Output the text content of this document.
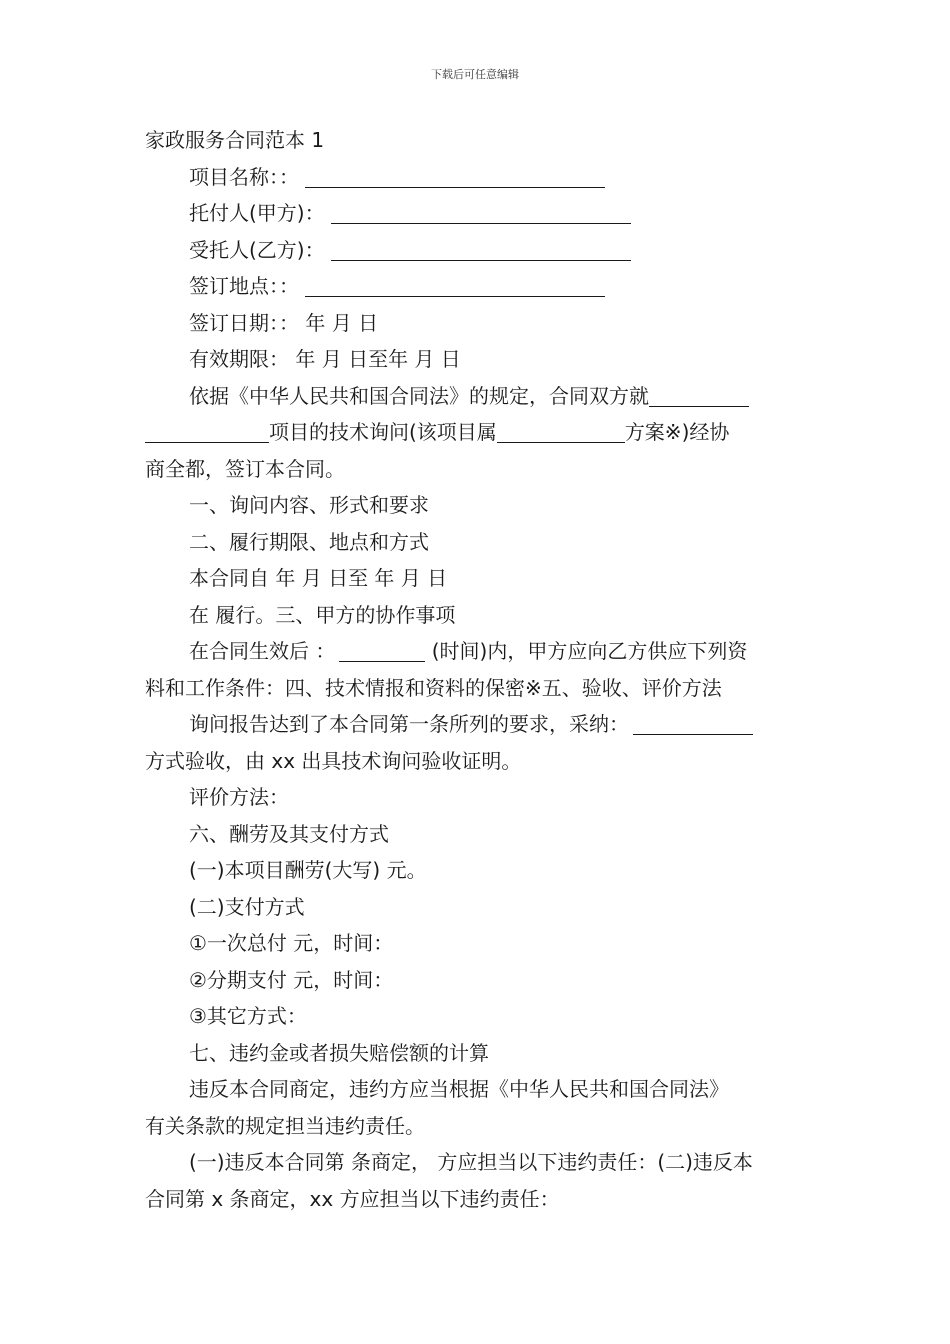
下载后可任意编辑
家政服务合同范本 1
项目名称：：
托付人(甲方)：
受托人(乙方)：
签订地点：：
签订日期：： 年 月 日
有效期限： 年 月 日至年 月 日
依据《中华人民共和国合同法》的规定，合同双方就
项目的技术询问(该项目属	方案※)经协
商全都，签订本合同。
一、询问内容、形式和要求
二、履行期限、地点和方式
本合同自 年 月 日至 年 月 日
在 履行。三、甲方的协作事项
在合同生效后 ：	(时间)内，甲方应向乙方供应下列资
料和工作条件：四、技术情报和资料的保密※五、验收、评价方法
询问报告达到了本合同第一条所列的要求，采纳：
方式验收，由 xx 出具技术询问验收证明。
评价方法：
六、酬劳及其支付方式
(一)本项目酬劳(大写) 元。
(二)支付方式
①一次总付 元，时间：
②分期支付 元，时间：
③其它方式：
七、违约金或者损失赔偿额的计算
违反本合同商定，违约方应当根据《中华人民共和国合同法》
有关条款的规定担当违约责任。
(一)违反本合同第 条商定， 方应担当以下违约责任：(二)违反本
合同第 x 条商定，xx 方应担当以下违约责任：
